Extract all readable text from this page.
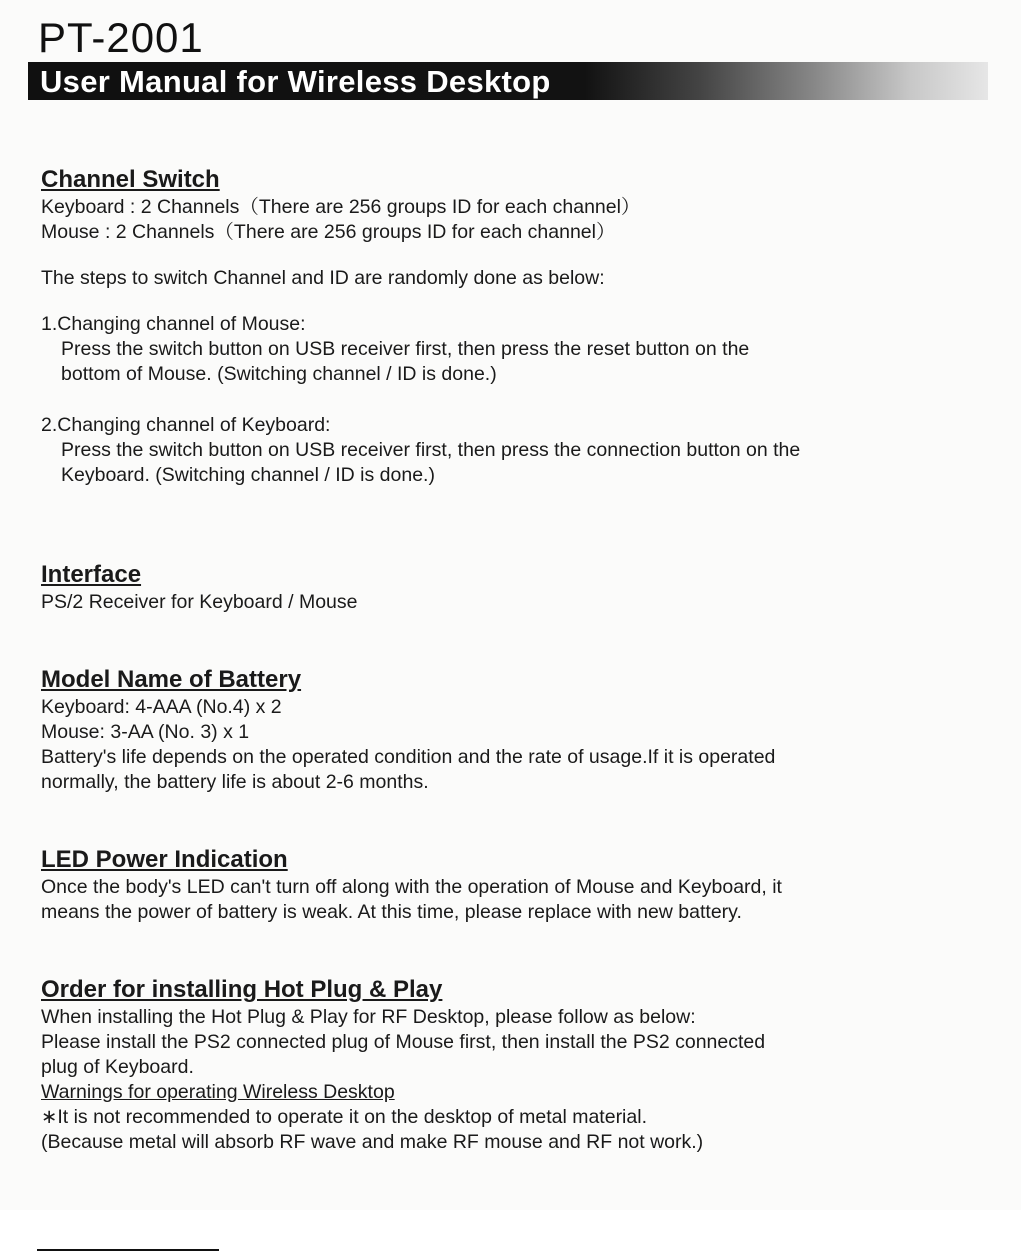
PT-2001
User Manual for Wireless Desktop

Channel Switch

Keyboard : 2 Channels（There are 256 groups ID for each channel）

Mouse : 2 Channels（There are 256 groups ID for each channel）

The steps to switch Channel and ID are randomly done as below:

1.Changing channel of Mouse:

Press the switch button on USB receiver first, then press the reset button on the

bottom of Mouse. (Switching channel / ID is done.)

2.Changing channel of Keyboard:

Press the switch button on USB receiver first, then press the connection button on the

Keyboard. (Switching channel / ID is done.)

Interface

PS/2 Receiver for Keyboard / Mouse

Model Name of Battery

Keyboard: 4-AAA (No.4) x 2

Mouse: 3-AA (No. 3) x 1

Battery's life depends on the operated condition and the rate of usage.If it is operated

normally, the battery life is about 2-6 months.

LED Power Indication

Once the body's LED can't turn off along with the operation of Mouse and Keyboard, it

means the power of battery is weak. At this time, please replace with new battery.

Order for installing Hot Plug & Play

When installing the Hot Plug & Play for RF Desktop, please follow as below:

Please install the PS2 connected plug of Mouse first, then install the PS2 connected

plug of Keyboard.

Warnings for operating Wireless Desktop

∗It is not recommended to operate it on the desktop of metal material.

(Because metal will absorb RF wave and make RF mouse and RF not work.)
